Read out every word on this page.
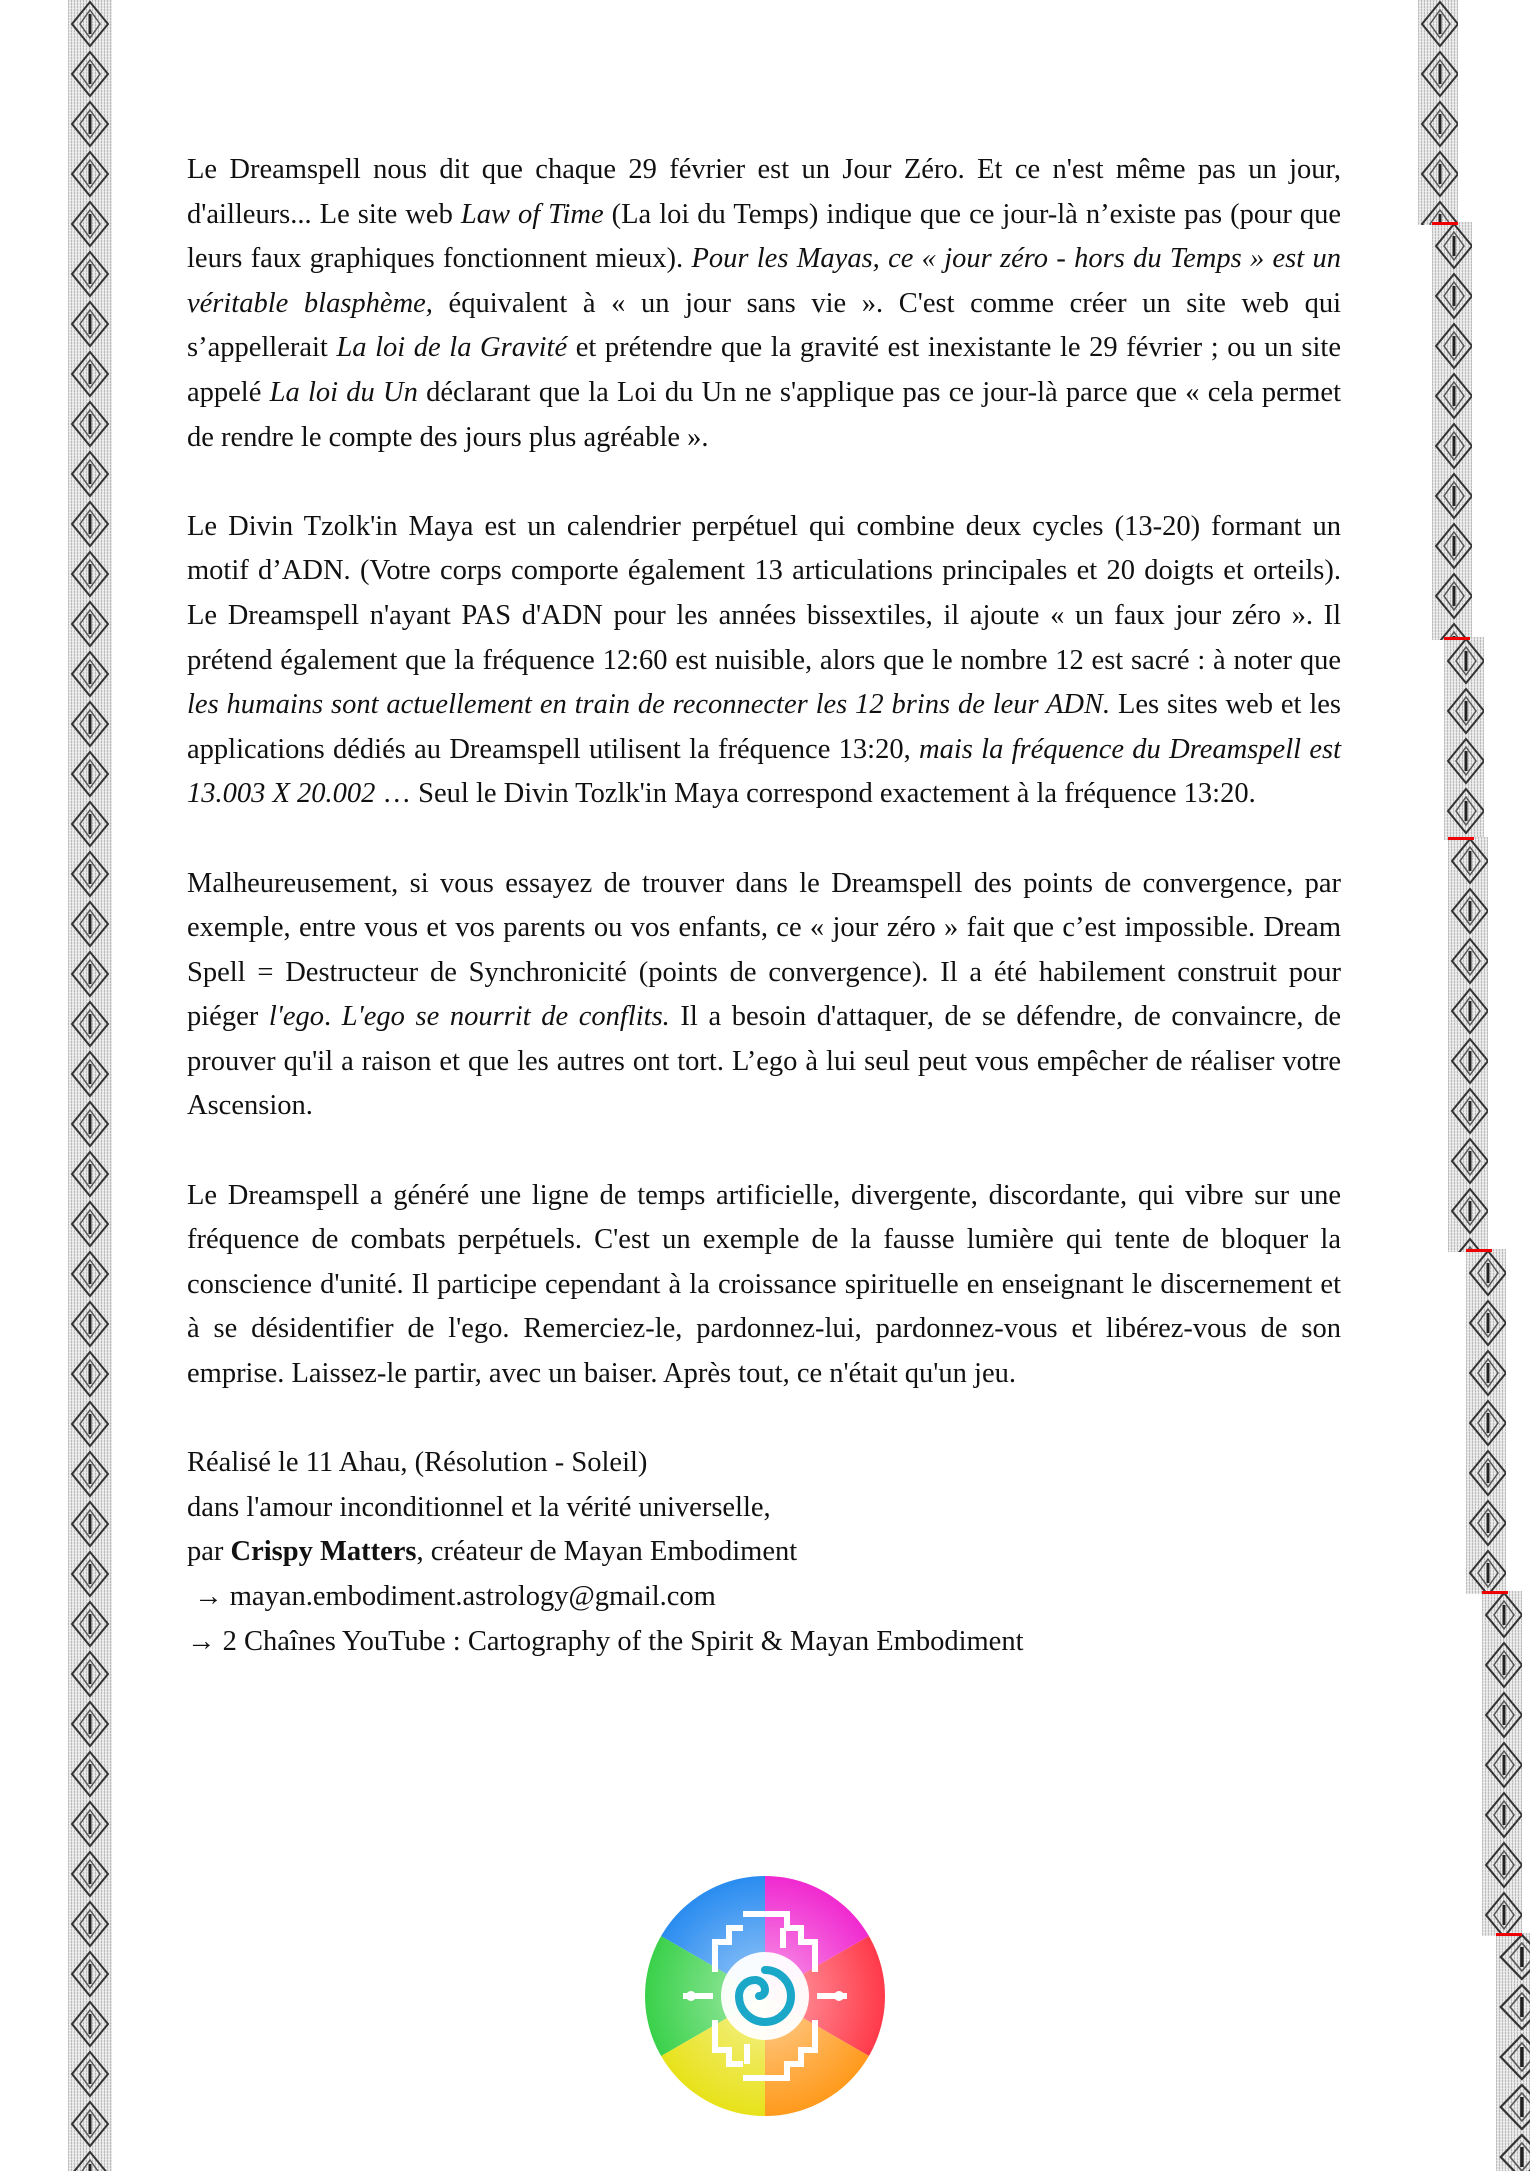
Le Dreamspell nous dit que chaque 29 février est un Jour Zéro. Et ce n'est même pas un jour, d'ailleurs... Le site web Law of Time (La loi du Temps) indique que ce jour-là n’existe pas (pour que leurs faux graphiques fonctionnent mieux). Pour les Mayas, ce « jour zéro - hors du Temps » est un véritable blasphème, équivalent à « un jour sans vie ». C'est comme créer un site web qui s’appellerait La loi de la Gravité et prétendre que la gravité est inexistante le 29 février ; ou un site appelé La loi du Un déclarant que la Loi du Un ne s'applique pas ce jour-là parce que « cela permet de rendre le compte des jours plus agréable ».

Le Divin Tzolk'in Maya est un calendrier perpétuel qui combine deux cycles (13-20) formant un motif d’ADN. (Votre corps comporte également 13 articulations principales et 20 doigts et orteils). Le Dreamspell n'ayant PAS d'ADN pour les années bissextiles, il ajoute « un faux jour zéro ». Il prétend également que la fréquence 12:60 est nuisible, alors que le nombre 12 est sacré : à noter que les humains sont actuellement en train de reconnecter les 12 brins de leur ADN. Les sites web et les applications dédiés au Dreamspell utilisent la fréquence 13:20, mais la fréquence du Dreamspell est 13.003 X 20.002 … Seul le Divin Tozlk'in Maya correspond exactement à la fréquence 13:20.

Malheureusement, si vous essayez de trouver dans le Dreamspell des points de convergence, par exemple, entre vous et vos parents ou vos enfants, ce « jour zéro » fait que c’est impossible. Dream Spell = Destructeur de Synchronicité (points de convergence). Il a été habilement construit pour piéger l'ego. L'ego se nourrit de conflits. Il a besoin d'attaquer, de se défendre, de convaincre, de prouver qu'il a raison et que les autres ont tort. L’ego à lui seul peut vous empêcher de réaliser votre Ascension.

Le Dreamspell a généré une ligne de temps artificielle, divergente, discordante, qui vibre sur une fréquence de combats perpétuels. C'est un exemple de la fausse lumière qui tente de bloquer la conscience d'unité. Il participe cependant à la croissance spirituelle en enseignant le discernement et à se désidentifier de l'ego. Remerciez-le, pardonnez-lui, pardonnez-vous et libérez-vous de son emprise. Laissez-le partir, avec un baiser. Après tout, ce n'était qu'un jeu.

Réalisé le 11 Ahau, (Résolution - Soleil)
dans l'amour inconditionnel et la vérité universelle,
par Crispy Matters, créateur de Mayan Embodiment
→ mayan.embodiment.astrology@gmail.com
→ 2 Chaînes YouTube : Cartography of the Spirit & Mayan Embodiment
